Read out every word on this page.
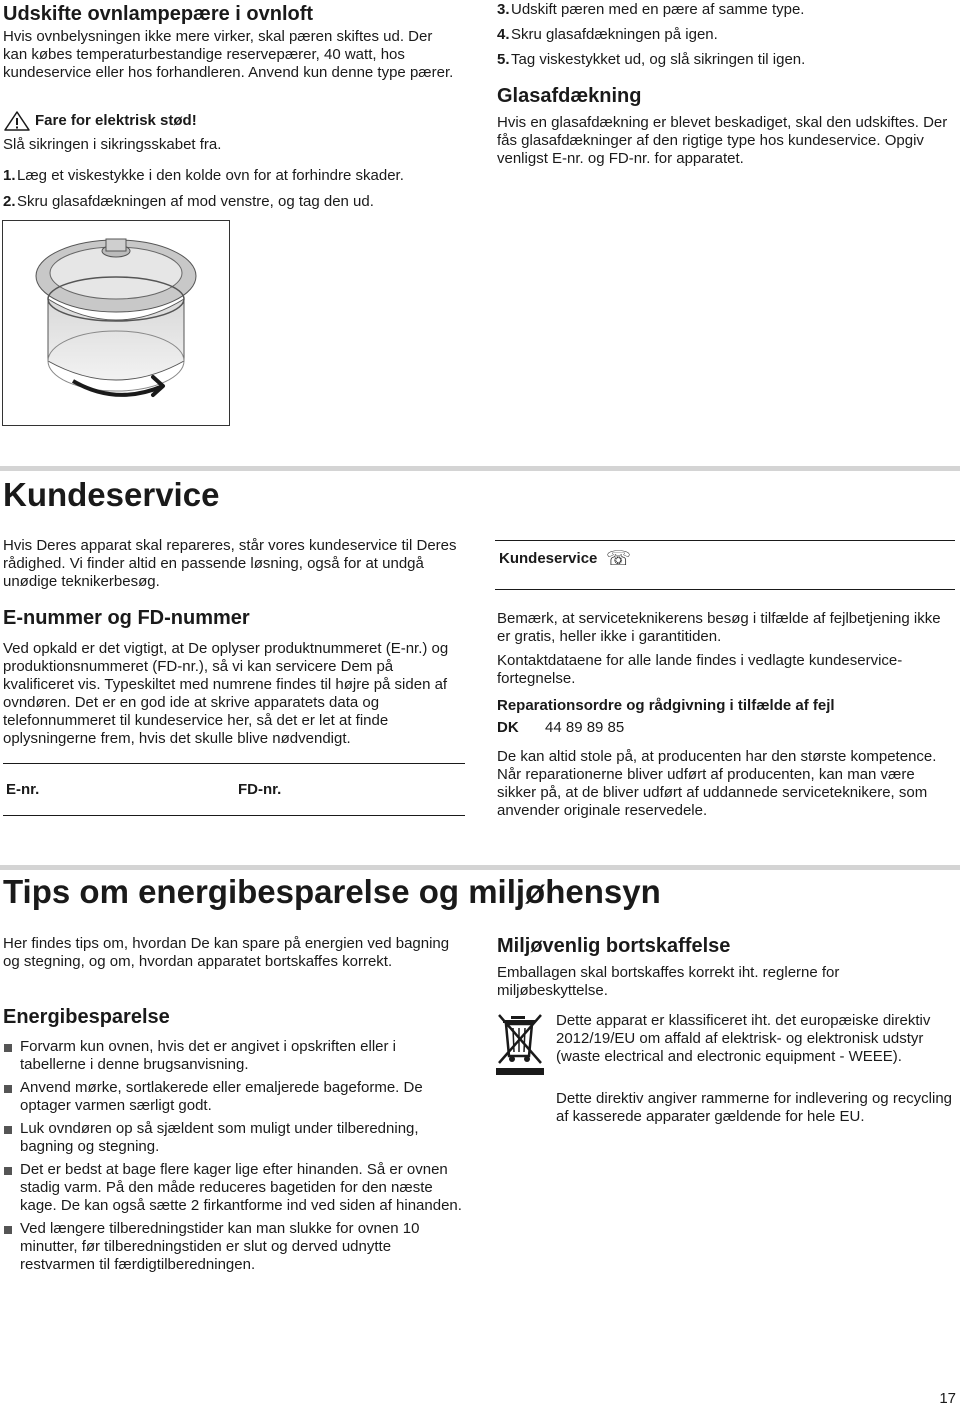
Udskifte ovnlampepære i ovnloft

Hvis ovnbelysningen ikke mere virker, skal pæren skiftes ud. Der kan købes temperaturbestandige reservepærer, 40 watt, hos kundeservice eller hos forhandleren. Anvend kun denne type pærer.

Fare for elektrisk stød!

Slå sikringen i sikringsskabet fra.

1.Læg et viskestykke i den kolde ovn for at forhindre skader.
2.Skru glasafdækningen af mod venstre, og tag den ud.
3.Udskift pæren med en pære af samme type.
4.Skru glasafdækningen på igen.
5.Tag viskestykket ud, og slå sikringen til igen.
Glasafdækning

Hvis en glasafdækning er blevet beskadiget, skal den udskiftes. Der fås glasafdækninger af den rigtige type hos kundeservice. Opgiv venligst E-nr. og FD-nr. for apparatet.

Kundeservice

Hvis Deres apparat skal repareres, står vores kundeservice til Deres rådighed. Vi finder altid en passende løsning, også for at undgå unødige teknikerbesøg.

E-nummer og FD-nummer

Ved opkald er det vigtigt, at De oplyser produktnummeret (E-nr.) og produktionsnummeret (FD-nr.), så vi kan servicere Dem på kvalificeret vis. Typeskiltet med numrene findes til højre på siden af ovndøren. Det er en god ide at skrive apparatets data og telefonnummeret til kundeservice her, så det er let at finde oplysningerne frem, hvis det skulle blive nødvendigt.

E-nr.	FD-nr.
Kundeservice ☏

Bemærk, at serviceteknikerens besøg i tilfælde af fejlbetjening ikke er gratis, heller ikke i garantitiden.

Kontaktdataene for alle lande findes i vedlagte kundeservice-fortegnelse.

Reparationsordre og rådgivning i tilfælde af fejl
DK 44 89 89 85

De kan altid stole på, at producenten har den største kompetence. Når reparationerne bliver udført af producenten, kan man være sikker på, at de bliver udført af uddannede serviceteknikere, som anvender originale reservedele.

Tips om energibesparelse og miljøhensyn

Her findes tips om, hvordan De kan spare på energien ved bagning og stegning, og om, hvordan apparatet bortskaffes korrekt.

Energibesparelse
Forvarm kun ovnen, hvis det er angivet i opskriften eller i tabellerne i denne brugsanvisning.
Anvend mørke, sortlakerede eller emaljerede bageforme. De optager varmen særligt godt.
Luk ovndøren op så sjældent som muligt under tilberedning, bagning og stegning.
Det er bedst at bage flere kager lige efter hinanden. Så er ovnen stadig varm. På den måde reduceres bagetiden for den næste kage. De kan også sætte 2 firkantforme ind ved siden af hinanden.
Ved længere tilberedningstider kan man slukke for ovnen 10 minutter, før tilberedningstiden er slut og derved udnytte restvarmen til færdigtilberedningen.
Miljøvenlig bortskaffelse

Emballagen skal bortskaffes korrekt iht. reglerne for miljøbeskyttelse.

Dette apparat er klassificeret iht. det europæiske direktiv 2012/19/EU om affald af elektrisk- og elektronisk udstyr (waste electrical and electronic equipment - WEEE).

Dette direktiv angiver rammerne for indlevering og recycling af kasserede apparater gældende for hele EU.

17
